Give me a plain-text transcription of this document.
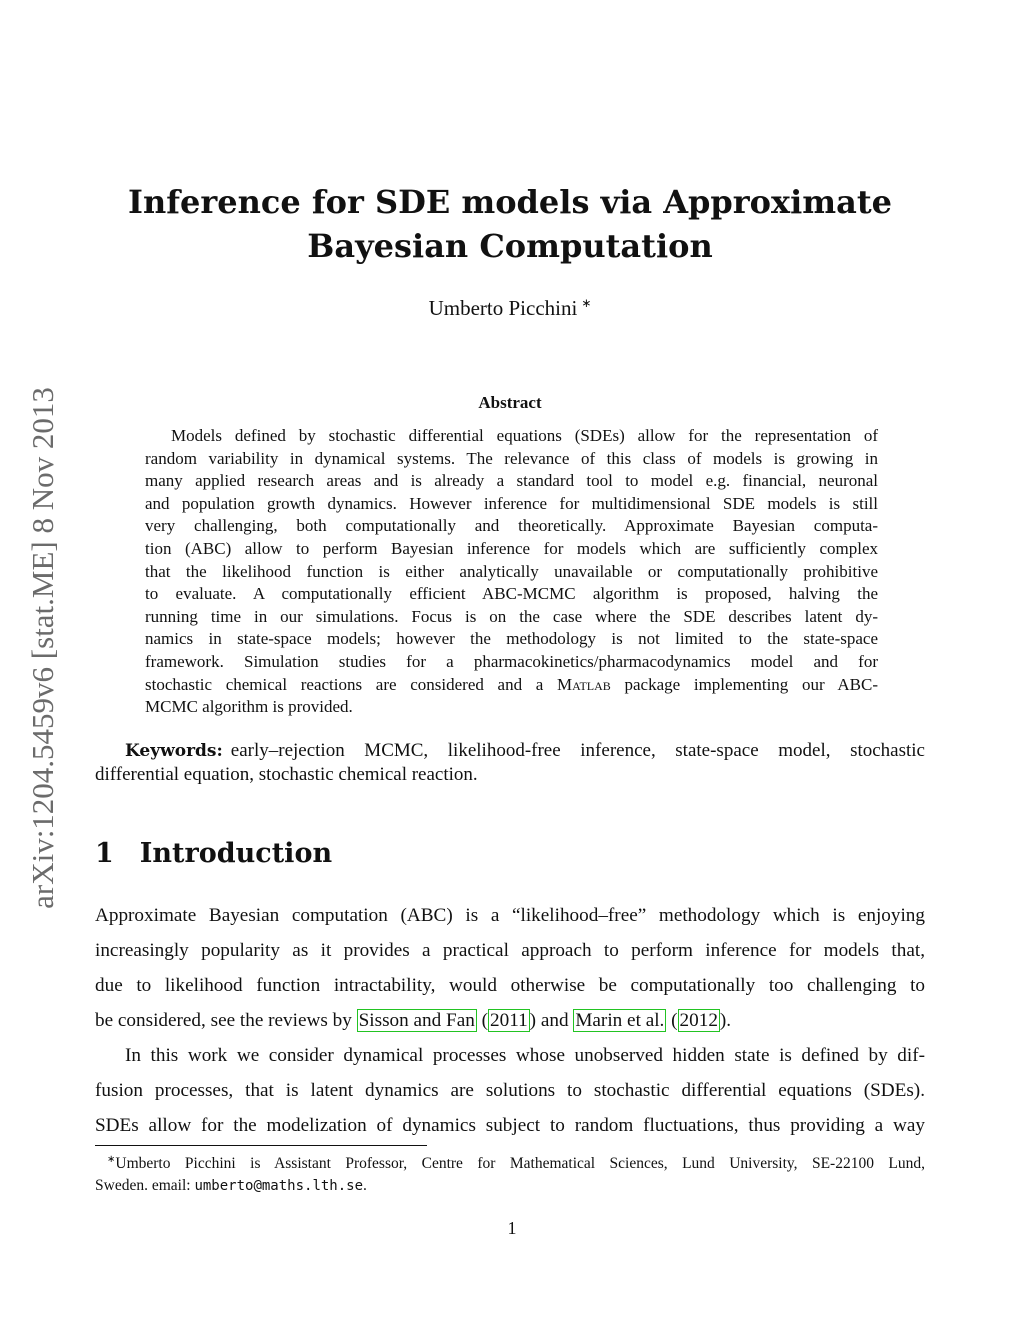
arXiv:1204.5459v6 [stat.ME] 8 Nov 2013
Inference for SDE models via Approximate
Bayesian Computation
Umberto Picchini ∗
Abstract
Models defined by stochastic differential equations (SDEs) allow for the representation of
random variability in dynamical systems. The relevance of this class of models is growing in
many applied research areas and is already a standard tool to model e.g. financial, neuronal
and population growth dynamics. However inference for multidimensional SDE models is still
very challenging, both computationally and theoretically. Approximate Bayesian computa-
tion (ABC) allow to perform Bayesian inference for models which are sufficiently complex
that the likelihood function is either analytically unavailable or computationally prohibitive
to evaluate. A computationally efficient ABC-MCMC algorithm is proposed, halving the
running time in our simulations. Focus is on the case where the SDE describes latent dy-
namics in state-space models; however the methodology is not limited to the state-space
framework. Simulation studies for a pharmacokinetics/pharmacodynamics model and for
stochastic chemical reactions are considered and a Matlab package implementing our ABC-
MCMC algorithm is provided.
Keywords: early–rejection MCMC, likelihood-free inference, state-space model, stochastic
differential equation, stochastic chemical reaction.
1 Introduction
Approximate Bayesian computation (ABC) is a “likelihood–free” methodology which is enjoying
increasingly popularity as it provides a practical approach to perform inference for models that,
due to likelihood function intractability, would otherwise be computationally too challenging to
be considered, see the reviews by Sisson and Fan ( 2011 ) and Marin et al. ( 2012 ).
In this work we consider dynamical processes whose unobserved hidden state is defined by dif-
fusion processes, that is latent dynamics are solutions to stochastic differential equations (SDEs).
SDEs allow for the modelization of dynamics subject to random fluctuations, thus providing a way
∗Umberto Picchini is Assistant Professor, Centre for Mathematical Sciences, Lund University, SE-22100 Lund,
Sweden. email: umberto@maths.lth.se.
1
